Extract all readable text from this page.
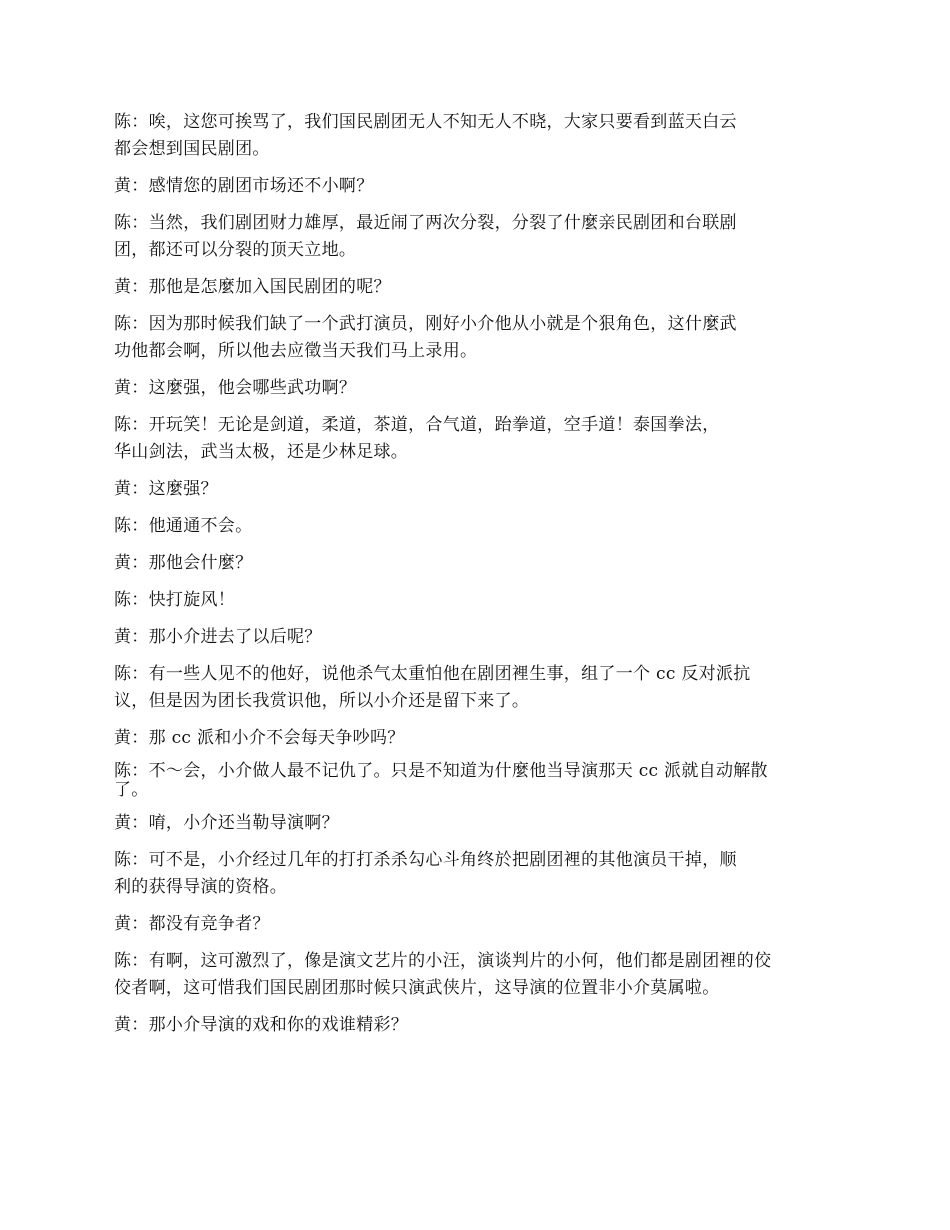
陈：唉，这您可挨骂了，我们国民剧团无人不知无人不晓，大家只要看到蓝天白云
都会想到国民剧团。

黄：感情您的剧团市场还不小啊？

陈：当然，我们剧团财力雄厚，最近闹了两次分裂，分裂了什麼亲民剧团和台联剧
团，都还可以分裂的顶天立地。

黄：那他是怎麼加入国民剧团的呢？

陈：因为那时候我们缺了一个武打演员，刚好小介他从小就是个狠角色，这什麼武
功他都会啊，所以他去应徵当天我们马上录用。

黄：这麼强，他会哪些武功啊？

陈：开玩笑！无论是剑道，柔道，茶道，合气道，跆拳道，空手道！泰国拳法，
华山剑法，武当太极，还是少林足球。

黄：这麼强？

陈：他通通不会。

黄：那他会什麼？

陈：快打旋风！

黄：那小介进去了以后呢？

陈：有一些人见不的他好，说他杀气太重怕他在剧团裡生事，组了一个 cc 反对派抗
议，但是因为团长我赏识他，所以小介还是留下来了。

黄：那 cc 派和小介不会每天争吵吗？

陈：不～会，小介做人最不记仇了。只是不知道为什麼他当导演那天 cc 派就自动解散
了。

黄：唷，小介还当勒导演啊？

陈：可不是，小介经过几年的打打杀杀勾心斗角终於把剧团裡的其他演员干掉，顺
利的获得导演的资格。

黄：都没有竞争者？

陈：有啊，这可激烈了，像是演文艺片的小汪，演谈判片的小何，他们都是剧团裡的佼
佼者啊，这可惜我们国民剧团那时候只演武侠片，这导演的位置非小介莫属啦。

黄：那小介导演的戏和你的戏谁精彩？
